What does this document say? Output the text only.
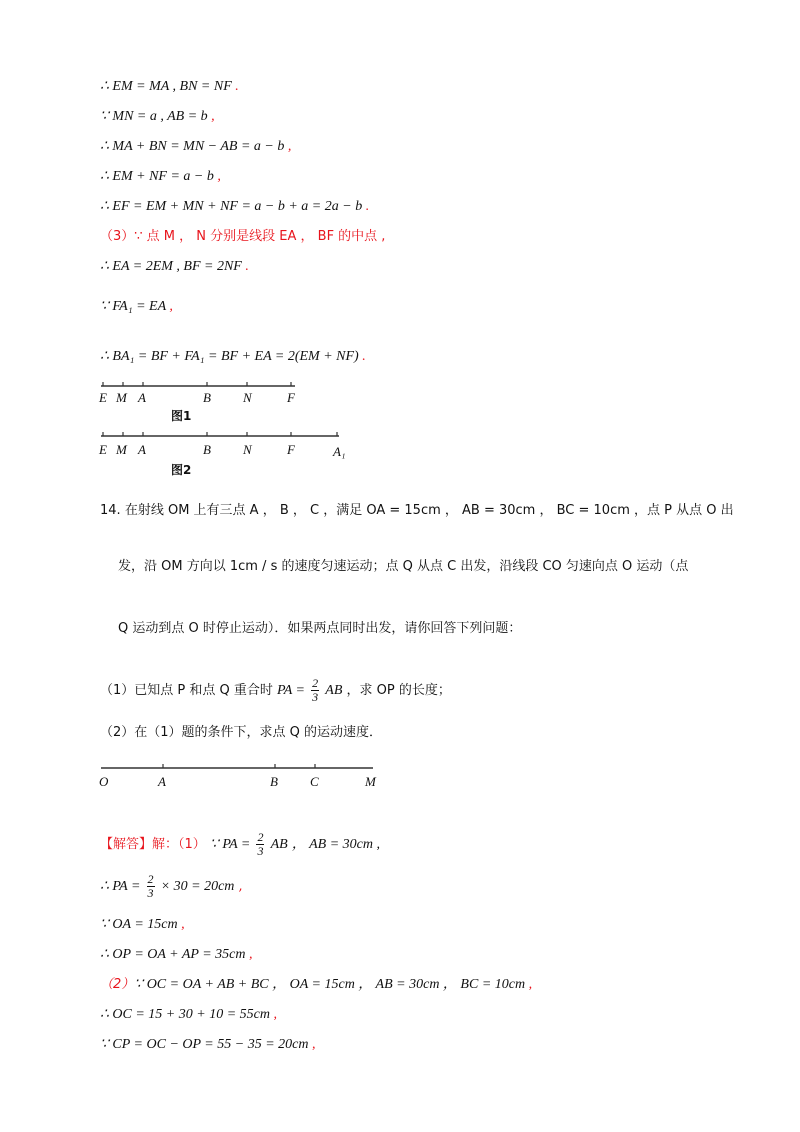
∴ EM = MA , BN = NF .
∵ MN = a , AB = b ,
∴ MA + BN = MN − AB = a − b ,
∴ EM + NF = a − b ,
∴ EF = EM + MN + NF = a − b + a = 2a − b .
（3）∵ 点 M ， N 分别是线段 EA ， BF 的中点 ,
∴ EA = 2EM , BF = 2NF .
∵ FA₁ = EA ,
∴ BA₁ = BF + FA₁ = BF + EA = 2(EM + NF) .
E M A	B N	F
图1
E M A	B N	F	A₁
图2
14. 在射线 OM 上有三点 A ， B ， C ，满足 OA = 15cm ， AB = 30cm ， BC = 10cm ，点 P 从点 O 出
发，沿 OM 方向以 1cm / s 的速度匀速运动；点 Q 从点 C 出发，沿线段 CO 匀速向点 O 运动（点
Q 运动到点 O 时停止运动）．如果两点同时出发，请你回答下列问题：
（1）已知点 P 和点 Q 重合时 PA = $\frac{2}{3}$ AB ，求 OP 的长度；
（2）在（1）题的条件下，求点 Q 的运动速度．
O	A	B C	M
【解答】解：（1） ∵ PA = $\frac{2}{3}$ AB ， AB = 30cm ,
∴ PA = $\frac{2}{3} \times 30 = 20cm$ ,
∵ OA = 15cm ,
∴ OP = OA + AP = 35cm ,
（2）∵ OC = OA + AB + BC ， OA = 15cm ， AB = 30cm ， BC = 10cm ,
∴ OC = 15 + 30 + 10 = 55cm ,
∵ CP = OC − OP = 55 − 35 = 20cm ,
